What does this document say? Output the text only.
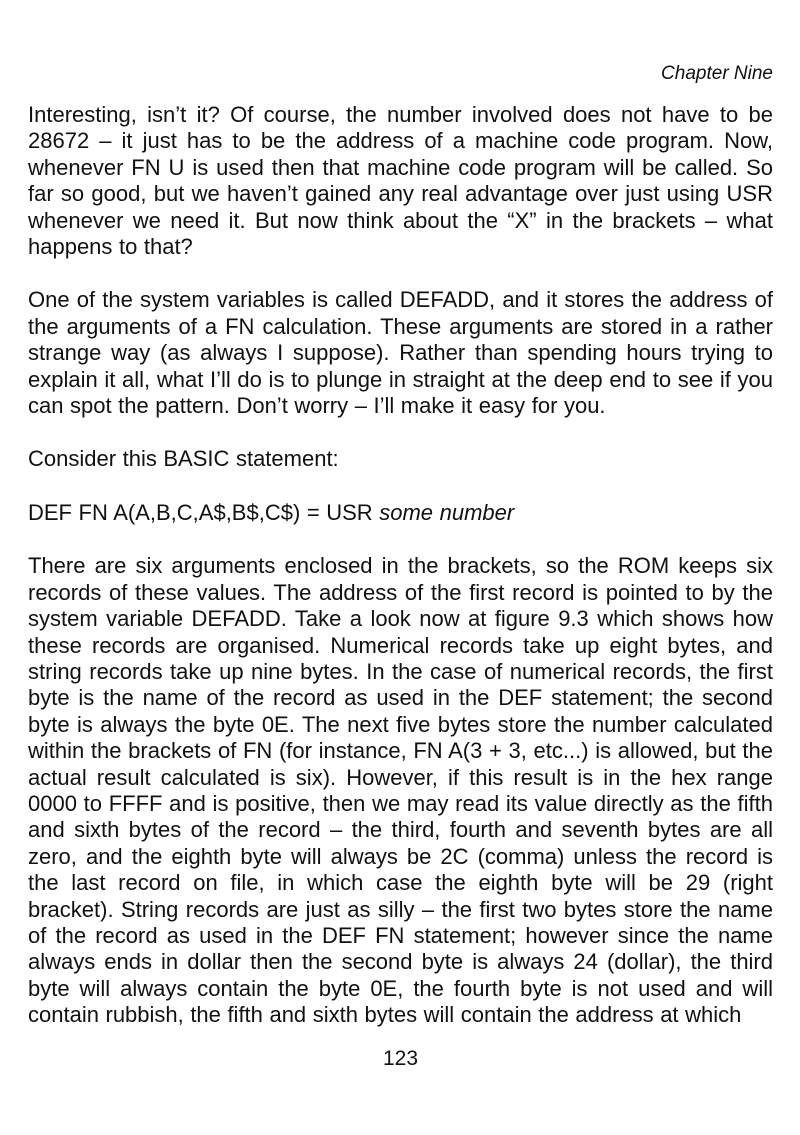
Chapter Nine

Interesting, isn’t it? Of course, the number involved does not have to be 28672 – it just has to be the address of a machine code program. Now, whenever FN U is used then that machine code program will be called. So far so good, but we haven’t gained any real advantage over just using USR whenever we need it. But now think about the “X” in the brackets – what happens to that?

One of the system variables is called DEFADD, and it stores the address of the arguments of a FN calculation. These arguments are stored in a rather strange way (as always I suppose). Rather than spending hours trying to explain it all, what I’ll do is to plunge in straight at the deep end to see if you can spot the pattern. Don’t worry – I’ll make it easy for you.

Consider this BASIC statement:

DEF FN A(A,B,C,A$,B$,C$) = USR some number

There are six arguments enclosed in the brackets, so the ROM keeps six records of these values. The address of the first record is pointed to by the system variable DEFADD. Take a look now at figure 9.3 which shows how these records are organised. Numerical records take up eight bytes, and string records take up nine bytes. In the case of numerical records, the first byte is the name of the record as used in the DEF statement; the second byte is always the byte 0E. The next five bytes store the number calculated within the brackets of FN (for instance, FN A(3 + 3, etc...) is allowed, but the actual result calculated is six). However, if this result is in the hex range 0000 to FFFF and is positive, then we may read its value directly as the fifth and sixth bytes of the record – the third, fourth and seventh bytes are all zero, and the eighth byte will always be 2C (comma) unless the record is the last record on file, in which case the eighth byte will be 29 (right bracket). String records are just as silly – the first two bytes store the name of the record as used in the DEF FN statement; however since the name always ends in dollar then the second byte is always 24 (dollar), the third byte will always contain the byte 0E, the fourth byte is not used and will contain rubbish, the fifth and sixth bytes will contain the address at which

123
